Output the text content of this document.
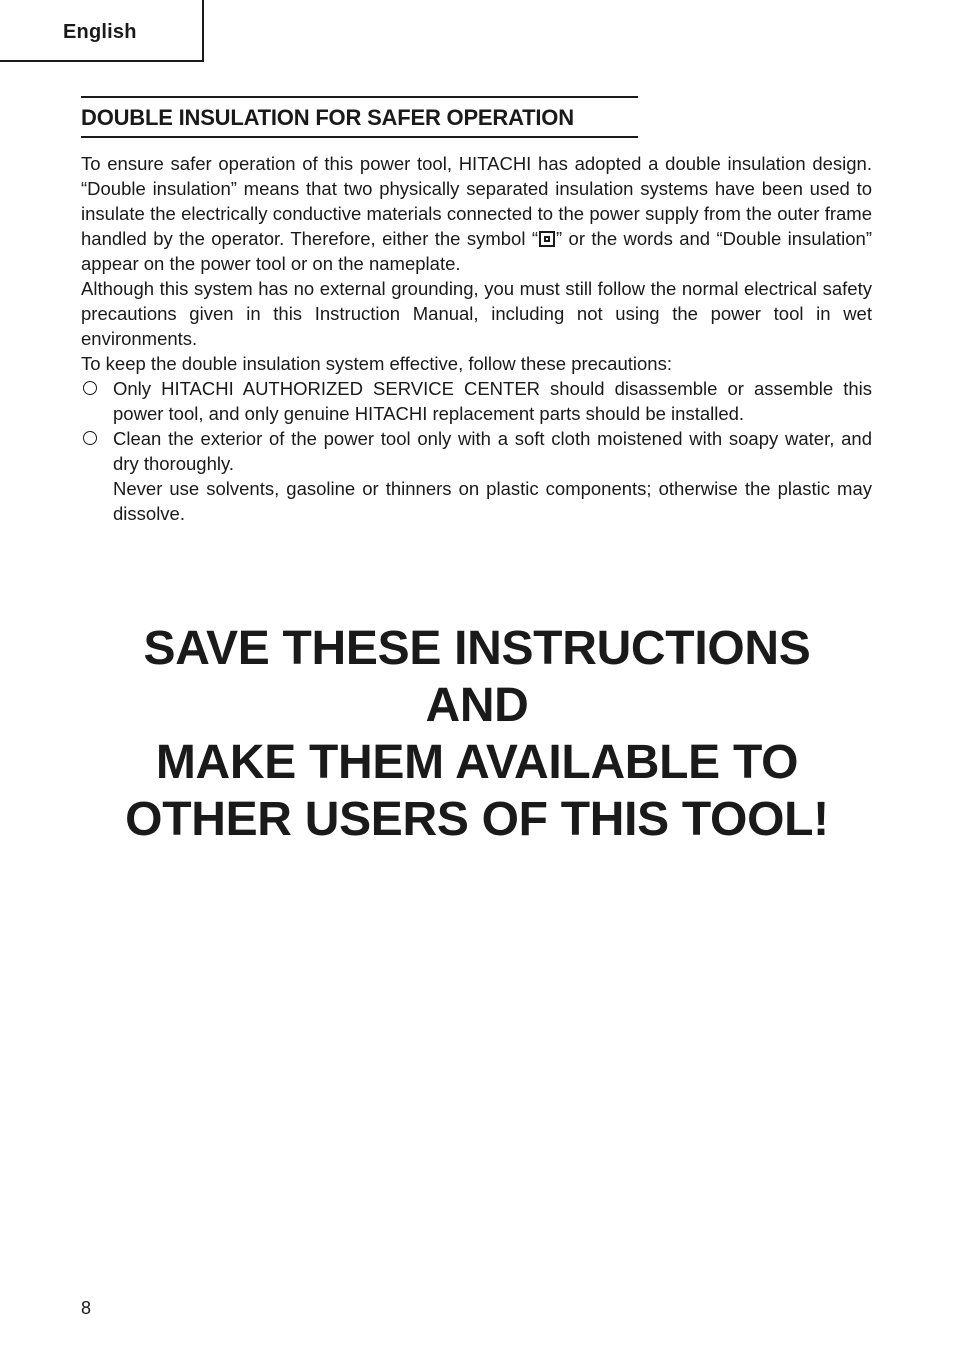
English
DOUBLE INSULATION FOR SAFER OPERATION

To ensure safer operation of this power tool, HITACHI has adopted a double insulation design. “Double insulation” means that two physically separated insulation systems have been used to insulate the electrically conductive materials connected to the power supply from the outer frame handled by the operator. Therefore, either the symbol “ ” or the words and “Double insulation” appear on the power tool or on the nameplate.

Although this system has no external grounding, you must still follow the normal electrical safety precautions given in this Instruction Manual, including not using the power tool in wet environments.

To keep the double insulation system effective, follow these precautions:

Only HITACHI AUTHORIZED SERVICE CENTER should disassemble or assemble this power tool, and only genuine HITACHI replacement parts should be installed.

Clean the exterior of the power tool only with a soft cloth moistened with soapy water, and dry thoroughly.

Never use solvents, gasoline or thinners on plastic components; otherwise the plastic may dissolve.

SAVE THESE INSTRUCTIONS
AND
MAKE THEM AVAILABLE TO
OTHER USERS OF THIS TOOL!
8
